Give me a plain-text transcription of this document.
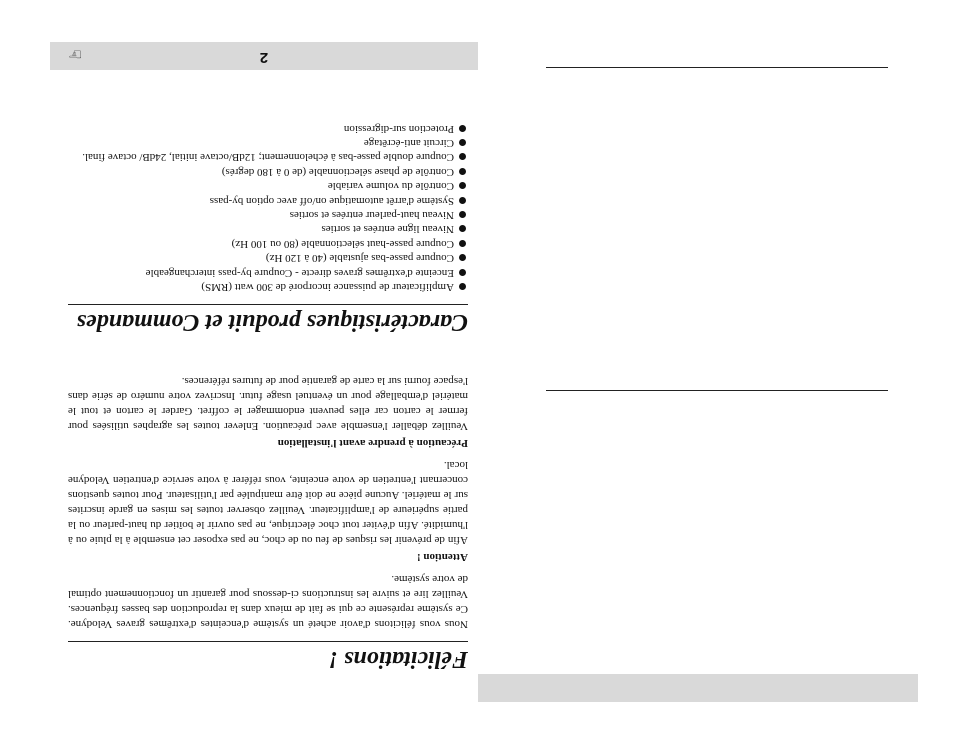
Félicitations !

Nous vous félicitons d'avoir acheté un système d'enceintes d'extrêmes graves Velodyne. Ce système représente ce qui se fait de mieux dans la reproduction des basses fréquences. Veuillez lire et suivre les instructions ci-dessous pour garantir un fonctionnement optimal de votre système.

Attention !

Afin de prévenir les risques de feu ou de choc, ne pas exposer cet ensemble à la pluie ou à l'humidité. Afin d'éviter tout choc électrique, ne pas ouvrir le boîtier du haut-parleur ou la partie supérieure de l'amplificateur. Veuillez observer toutes les mises en garde inscrites sur le matériel. Aucune pièce ne doit être manipulée par l'utilisateur. Pour toutes questions concernant l'entretien de votre enceinte, vous référer à votre service d'entretien Velodyne local.

Précaution à prendre avant l'installation

Veuillez déballer l'ensemble avec précaution. Enlever toutes les agraphes utilisées pour fermer le carton car elles peuvent endommager le coffret. Garder le carton et tout le matériel d'emballage pour un éventuel usage futur. Inscrivez votre numéro de série dans l'espace fourni sur la carte de garantie pour de futures références.

Caractéristiques produit et Commandes
Amplificateur de puissance incorporé de 300 watt (RMS)
Enceinte d'extrêmes graves directe - Coupure by-pass interchangeable
Coupure passe-bas ajustable (40 à 120 Hz)
Coupure passe-haut sélectionnable (80 ou 100 Hz)
Niveau ligne entrées et sorties
Niveau haut-parleur entrées et sorties
Système d'arrêt automatique on/off avec option by-pass
Contrôle du volume variable
Contrôle de phase sélectionnable (de 0 à 180 degrés)
Coupure double passe-bas à échelonnement; 12dB/octave initial, 24dB/ octave final.
Circuit anti-écrêtage
Protection sur-digression
2
☞
